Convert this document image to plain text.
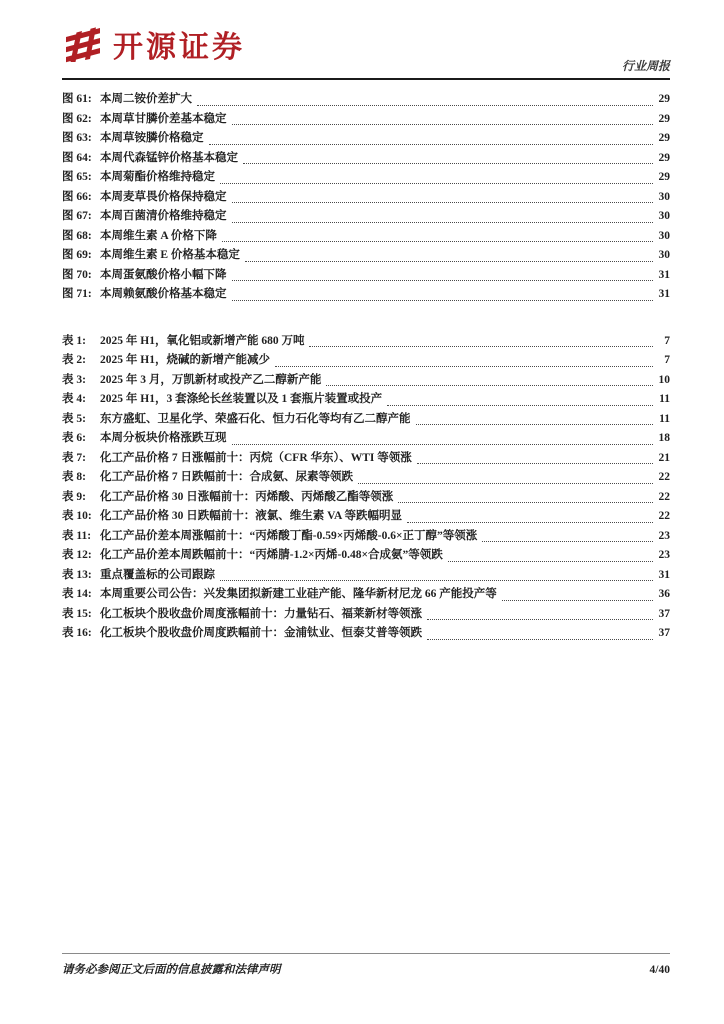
开源证券
行业周报
图 61: 本周二铵价差扩大	29
图 62: 本周草甘膦价差基本稳定	29
图 63: 本周草铵膦价格稳定	29
图 64: 本周代森锰锌价格基本稳定	29
图 65: 本周菊酯价格维持稳定	29
图 66: 本周麦草畏价格保持稳定	30
图 67: 本周百菌清价格维持稳定	30
图 68: 本周维生素 A 价格下降	30
图 69: 本周维生素 E 价格基本稳定	30
图 70: 本周蛋氨酸价格小幅下降	31
图 71: 本周赖氨酸价格基本稳定	31
表 1:	2025 年 H1，氧化铝或新增产能 680 万吨	7
表 2:	2025 年 H1，烧碱的新增产能减少	7
表 3:	2025 年 3 月，万凯新材或投产乙二醇新产能	10
表 4:	2025 年 H1，3 套涤纶长丝装置以及 1 套瓶片装置或投产	11
表 5:	东方盛虹、卫星化学、荣盛石化、恒力石化等均有乙二醇产能	11
表 6:	本周分板块价格涨跌互现	18
表 7:	化工产品价格 7 日涨幅前十：丙烷（CFR 华东）、WTI 等领涨	21
表 8:	化工产品价格 7 日跌幅前十：合成氨、尿素等领跌	22
表 9:	化工产品价格 30 日涨幅前十：丙烯酸、丙烯酸乙酯等领涨	22
表 10: 化工产品价格 30 日跌幅前十：液氯、维生素 VA 等跌幅明显	22
表 11: 化工产品价差本周涨幅前十：“丙烯酸丁酯-0.59×丙烯酸-0.6×正丁醇”等领涨	23
表 12: 化工产品价差本周跌幅前十：“丙烯腈-1.2×丙烯-0.48×合成氨”等领跌	23
表 13: 重点覆盖标的公司跟踪	31
表 14: 本周重要公司公告：兴发集团拟新建工业硅产能、隆华新材尼龙 66 产能投产等	36
表 15: 化工板块个股收盘价周度涨幅前十：力量钻石、福莱新材等领涨	37
表 16: 化工板块个股收盘价周度跌幅前十：金浦钛业、恒泰艾普等领跌	37
请务必参阅正文后面的信息披露和法律声明	4/40
